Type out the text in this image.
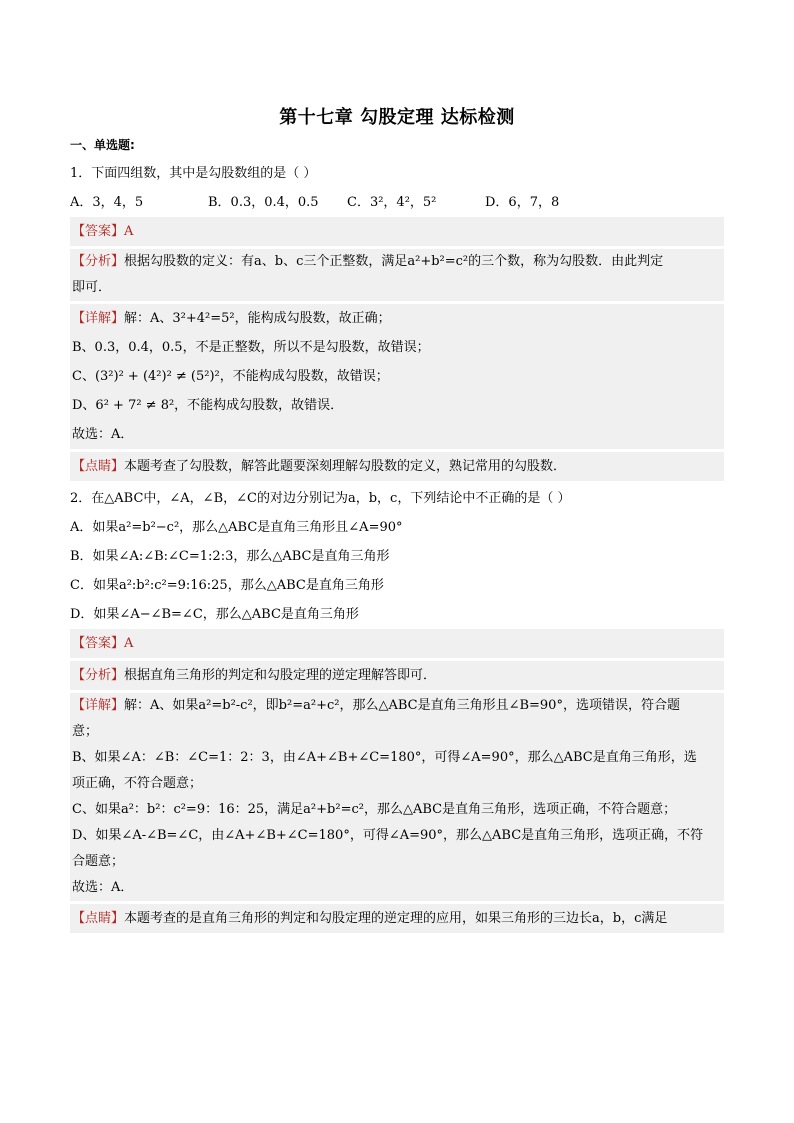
第十七章 勾股定理 达标检测
一、单选题:
1．下面四组数，其中是勾股数组的是（ ）
A．3，4，5	B．0.3，0.4，0.5	C．3²，4²，5²	D．6，7，8
【答案】A
【分析】根据勾股数的定义：有a、b、c三个正整数，满足a²+b²=c²的三个数，称为勾股数．由此判定
即可．
【详解】解：A、3²+4²=5²，能构成勾股数，故正确；
B、0.3，0.4，0.5，不是正整数，所以不是勾股数，故错误；
C、(3²)² + (4²)² ≠ (5²)²，不能构成勾股数，故错误；
D、6² + 7² ≠ 8²，不能构成勾股数，故错误．
故选：A．
【点睛】本题考查了勾股数，解答此题要深刻理解勾股数的定义，熟记常用的勾股数．
2．在△ABC中，∠A，∠B，∠C的对边分别记为a，b，c，下列结论中不正确的是（ ）
A．如果a²=b²−c²，那么△ABC是直角三角形且∠A=90°
B．如果∠A:∠B:∠C=1:2:3，那么△ABC是直角三角形
C．如果a²:b²:c²=9:16:25，那么△ABC是直角三角形
D．如果∠A−∠B=∠C，那么△ABC是直角三角形
【答案】A
【分析】根据直角三角形的判定和勾股定理的逆定理解答即可．
【详解】解：A、如果a²=b²-c²，即b²=a²+c²，那么△ABC是直角三角形且∠B=90°，选项错误，符合题
意；
B、如果∠A：∠B：∠C=1：2：3，由∠A+∠B+∠C=180°，可得∠A=90°，那么△ABC是直角三角形，选
项正确，不符合题意；
C、如果a²：b²：c²=9：16：25，满足a²+b²=c²，那么△ABC是直角三角形，选项正确，不符合题意；
D、如果∠A-∠B=∠C，由∠A+∠B+∠C=180°，可得∠A=90°，那么△ABC是直角三角形，选项正确，不符
合题意；
故选：A．
【点睛】本题考查的是直角三角形的判定和勾股定理的逆定理的应用，如果三角形的三边长a，b，c满足
